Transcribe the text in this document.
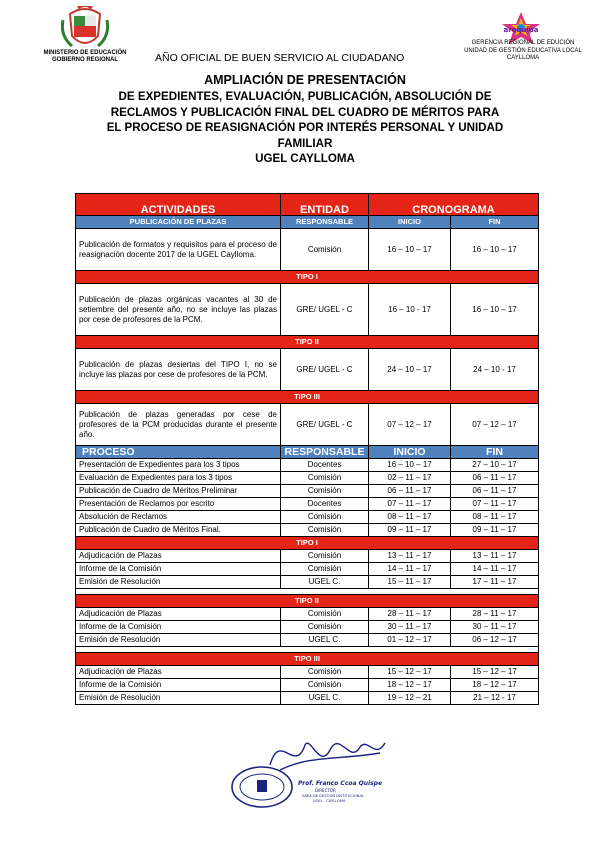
MINISTERIO DE EDUCACIÓN
GOBIERNO REGIONAL	AÑO OFICIAL DE BUEN SERVICIO AL CIUDADANO
arequipa
GERENCIA REGIONAL DE EDUCIÓN
UNIDAD DE GESTIÓN EDUCATIVA LOCAL
CAYLLOMA
AMPLIACIÓN DE PRESENTACIÓN
DE EXPEDIENTES, EVALUACIÓN, PUBLICACIÓN, ABSOLUCIÓN DE
RECLAMOS Y PUBLICACIÓN FINAL DEL CUADRO DE MÉRITOS PARA
EL PROCESO DE REASIGNACIÓN POR INTERÉS PERSONAL Y UNIDAD
FAMILIAR
UGEL CAYLLOMA
ACTIVIDADES	ENTIDAD	CRONOGRAMA	
PUBLICACIÓN DE PLAZAS	RESPONSABLE	INICIO	FIN
Publicación de formatos y requisitos para el proceso de reasignación docente 2017 de la UGEL Caylloma.	Comisión	16 – 10 – 17	16 – 10 – 17
TIPO I			
Publicación de plazas orgánicas vacantes al 30 de setiembre del presente año, no se incluye las plazas por cese de profesores de la PCM.	GRE/ UGEL - C	16 – 10 - 17	16 – 10 – 17
TIPO II			
Publicación de plazas desiertas del TIPO I, no se incluye las plazas por cese de profesores de la PCM.	GRE/ UGEL - C	24 – 10 – 17	24 – 10 - 17
TIPO III			
Publicación de plazas generadas por cese de profesores de la PCM producidas durante el presente año.	GRE/ UGEL - C	07 – 12 – 17	07 – 12 – 17
PROCESO	RESPONSABLE	INICIO	FIN
Presentación de Expedientes para los 3 tipos	Docentes	16 – 10 – 17	27 – 10 – 17
Evaluación de Expedientes para los 3 tipos	Comisión	02 – 11 – 17	06 – 11 – 17
Publicación de Cuadro de Méritos Preliminar	Comisión	06 – 11 – 17	06 – 11 – 17
Presentación de Reclamos por escrito	Docentes	07 – 11 – 17	07 – 11 – 17
Absolución de Reclamos	Comisión	08 – 11 – 17	08 – 11 – 17
Publicación de Cuadro de Méritos Final.	Comisión	09 – 11 – 17	09 – 11 – 17
TIPO I			
Adjudicación de Plazas	Comisión	13 – 11 – 17	13 – 11 – 17
Informe de la Comisión	Comisión	14 – 11 – 17	14 – 11 – 17
Emisión de Resolución	UGEL C.	15 – 11 – 17	17 – 11 – 17

TIPO II			
Adjudicación de Plazas	Comisión	28 – 11 – 17	28 – 11 – 17
Informe de la Comisión	Comisión	30 – 11 – 17	30 – 11 – 17
Emisión de Resolución	UGEL C.	01 – 12 – 17	06 – 12 – 17

TIPO III			
Adjudicación de Plazas	Comisión	15 – 12 – 17	15 – 12 – 17
Informe de la Comisión	Comisión	18 – 12 – 17	18 – 12 – 17
Emisión de Resolución	UGEL C.	19 – 12 – 21	21 – 12 - 17
Prof. Franco Ccoa Quispe
DIRECTOR
AREA DE GESTIÓN INSTITUCIONAL
UGEL - CAYLLOMA
